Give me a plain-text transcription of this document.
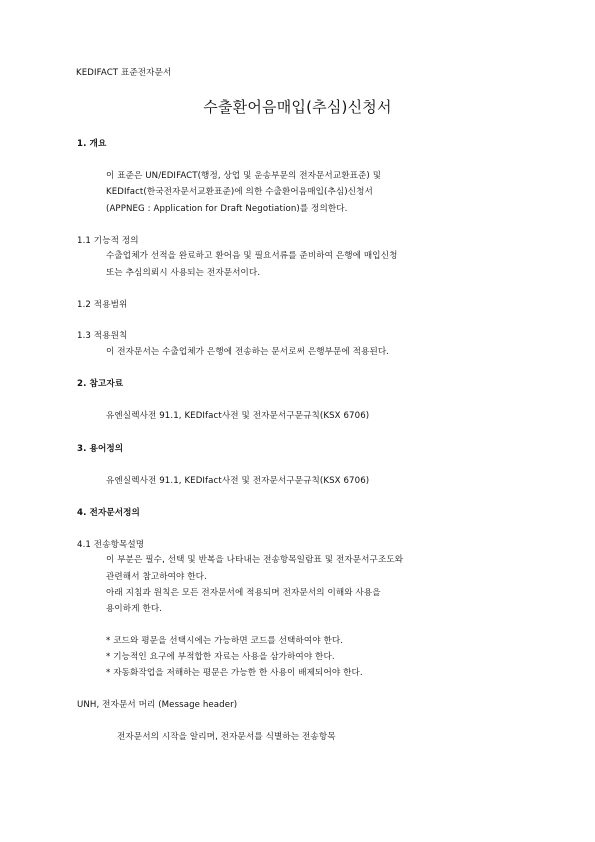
KEDIFACT 표준전자문서
수출환어음매입(추심)신청서
1. 개요
이 표준은 UN/EDIFACT(행정, 상업 및 운송부문의 전자문서교환표준) 및
KEDIfact(한국전자문서교환표준)에 의한 수출환어음매입(추심)신청서
(APPNEG : Application for Draft Negotiation)를 정의한다.
1.1 기능적 정의
수출업체가 선적을 완료하고 환어음 및 필요서류를 준비하여 은행에 매입신청
또는 추심의뢰시 사용되는 전자문서이다.
1.2 적용범위
1.3 적용원칙
이 전자문서는 수출업체가 은행에 전송하는 문서로써 은행부문에 적용된다.
2. 참고자료
유엔실렉사전 91.1, KEDIfact사전 및 전자문서구문규칙(KSX 6706)
3. 용어정의
유엔실렉사전 91.1, KEDIfact사전 및 전자문서구문규칙(KSX 6706)
4. 전자문서정의
4.1 전송항목설명
이 부분은 필수, 선택 및 반복을 나타내는 전송항목일람표 및 전자문서구조도와
관련해서 참고하여야 한다.
아래 지침과 원칙은 모든 전자문서에 적용되며 전자문서의 이해와 사용을
용이하게 한다.
* 코드와 평문을 선택시에는 가능하면 코드를 선택하여야 한다.
* 기능적인 요구에 부적합한 자료는 사용을 삼가하여야 한다.
* 자동화작업을 저해하는 평문은 가능한 한 사용이 배제되어야 한다.
UNH, 전자문서 머리 (Message header)
전자문서의 시작을 알리며, 전자문서를 식별하는 전송항목
